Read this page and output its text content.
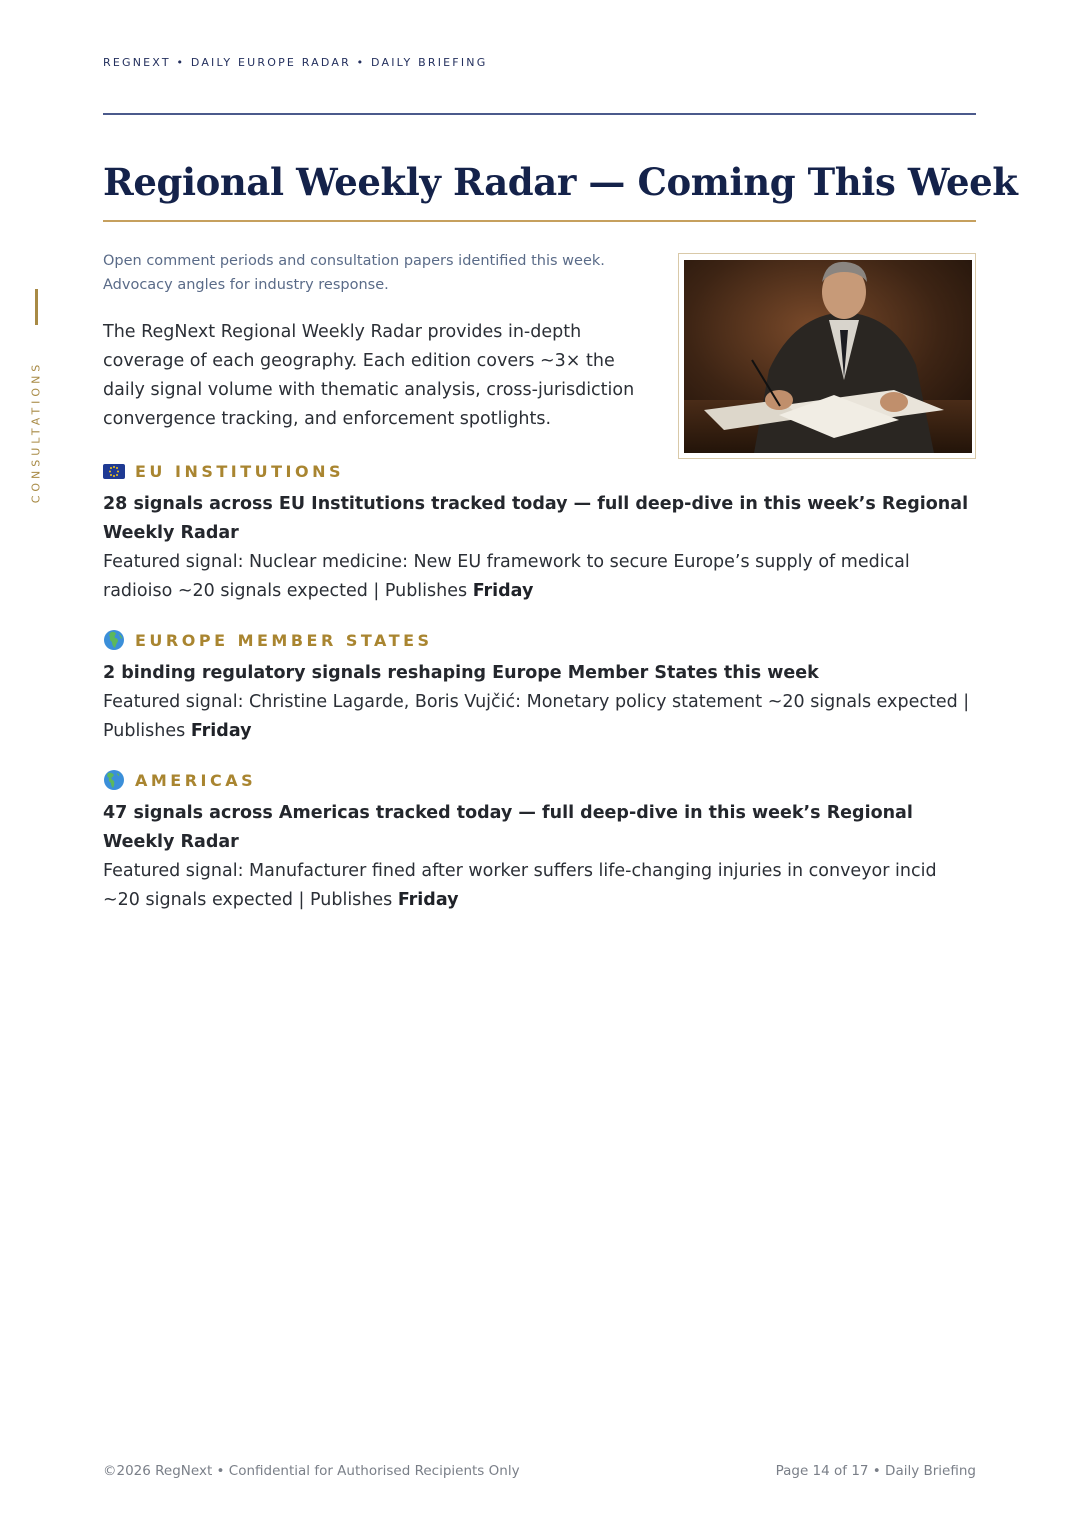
REGNEXT • DAILY EUROPE RADAR • DAILY BRIEFING
CONSULTATIONS
Regional Weekly Radar — Coming This Week
Open comment periods and consultation papers identified this week. Advocacy angles for industry response.
The RegNext Regional Weekly Radar provides in-depth coverage of each geography. Each edition covers ~3× the daily signal volume with thematic analysis, cross-jurisdiction convergence tracking, and enforcement spotlights.
EU INSTITUTIONS
28 signals across EU Institutions tracked today — full deep-dive in this week’s Regional Weekly Radar
Featured signal: Nuclear medicine: New EU framework to secure Europe’s supply of medical radioiso ~20 signals expected | Publishes Friday
EUROPE MEMBER STATES
2 binding regulatory signals reshaping Europe Member States this week
Featured signal: Christine Lagarde, Boris Vujčić: Monetary policy statement ~20 signals expected | Publishes Friday
AMERICAS
47 signals across Americas tracked today — full deep-dive in this week’s Regional Weekly Radar
Featured signal: Manufacturer fined after worker suffers life-changing injuries in conveyor incid ~20 signals expected | Publishes Friday
©2026 RegNext • Confidential for Authorised Recipients Only	Page 14 of 17 • Daily Briefing
